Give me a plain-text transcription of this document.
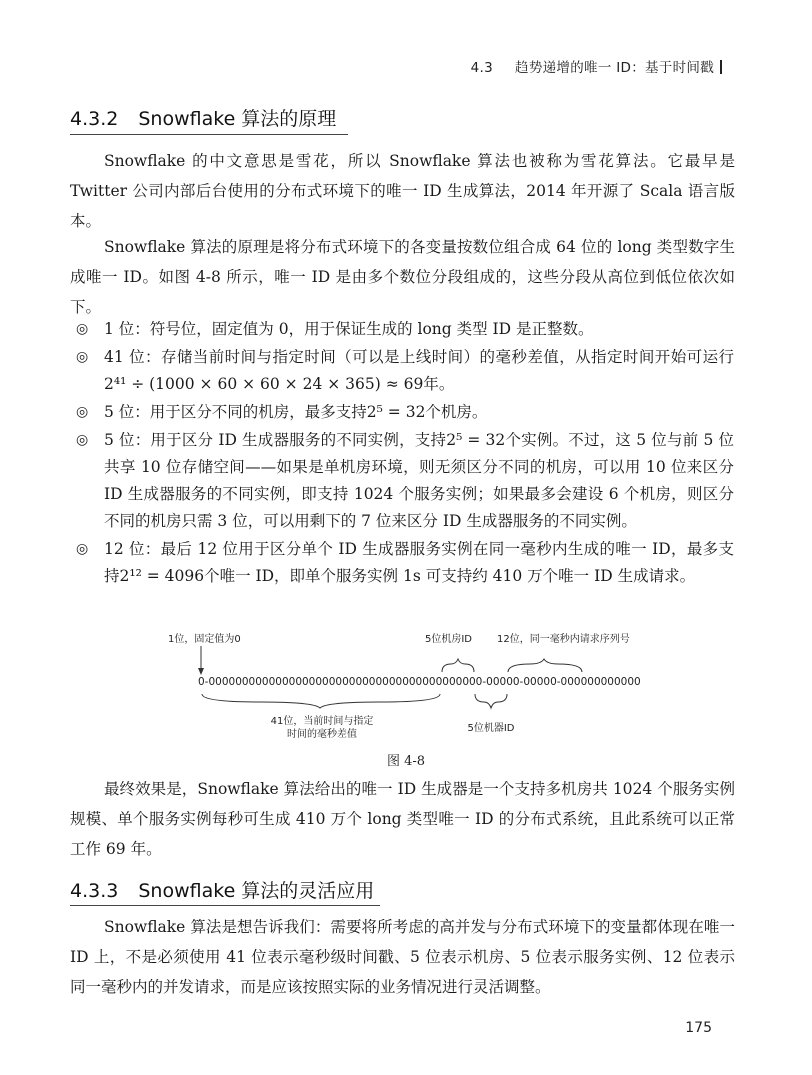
4.3 趋势递增的唯一 ID：基于时间戳
4.3.2 Snowflake 算法的原理

Snowflake 的中文意思是雪花，所以 Snowflake 算法也被称为雪花算法。它最早是 Twitter 公司内部后台使用的分布式环境下的唯一 ID 生成算法，2014 年开源了 Scala 语言版本。

Snowflake 算法的原理是将分布式环境下的各变量按数位组合成 64 位的 long 类型数字生成唯一 ID。如图 4-8 所示，唯一 ID 是由多个数位分段组成的，这些分段从高位到低位依次如下。

◎ 1 位：符号位，固定值为 0，用于保证生成的 long 类型 ID 是正整数。
◎ 41 位：存储当前时间与指定时间（可以是上线时间）的毫秒差值，从指定时间开始可运行2⁴¹ ÷ (1000 × 60 × 60 × 24 × 365) ≈ 69年。
◎ 5 位：用于区分不同的机房，最多支持2⁵ = 32个机房。
◎ 5 位：用于区分 ID 生成器服务的不同实例，支持2⁵ = 32个实例。不过，这 5 位与前 5 位共享 10 位存储空间——如果是单机房环境，则无须区分不同的机房，可以用 10 位来区分 ID 生成器服务的不同实例，即支持 1024 个服务实例；如果最多会建设 6 个机房，则区分不同的机房只需 3 位，可以用剩下的 7 位来区分 ID 生成器服务的不同实例。
◎ 12 位：最后 12 位用于区分单个 ID 生成器服务实例在同一毫秒内生成的唯一 ID，最多支持2¹² = 4096个唯一 ID，即单个服务实例 1s 可支持约 410 万个唯一 ID 生成请求。
1位，固定值为0	5位机房ID 12位，同一毫秒内请求序列号
0-00000000000000000000000000000000000000000-00000-00000-000000000000
41位，当前时间与指定
时间的毫秒差值
5位机器ID
图 4-8

最终效果是，Snowflake 算法给出的唯一 ID 生成器是一个支持多机房共 1024 个服务实例规模、单个服务实例每秒可生成 410 万个 long 类型唯一 ID 的分布式系统，且此系统可以正常工作 69 年。

4.3.3 Snowflake 算法的灵活应用

Snowflake 算法是想告诉我们：需要将所考虑的高并发与分布式环境下的变量都体现在唯一 ID 上，不是必须使用 41 位表示毫秒级时间戳、5 位表示机房、5 位表示服务实例、12 位表示同一毫秒内的并发请求，而是应该按照实际的业务情况进行灵活调整。

175
